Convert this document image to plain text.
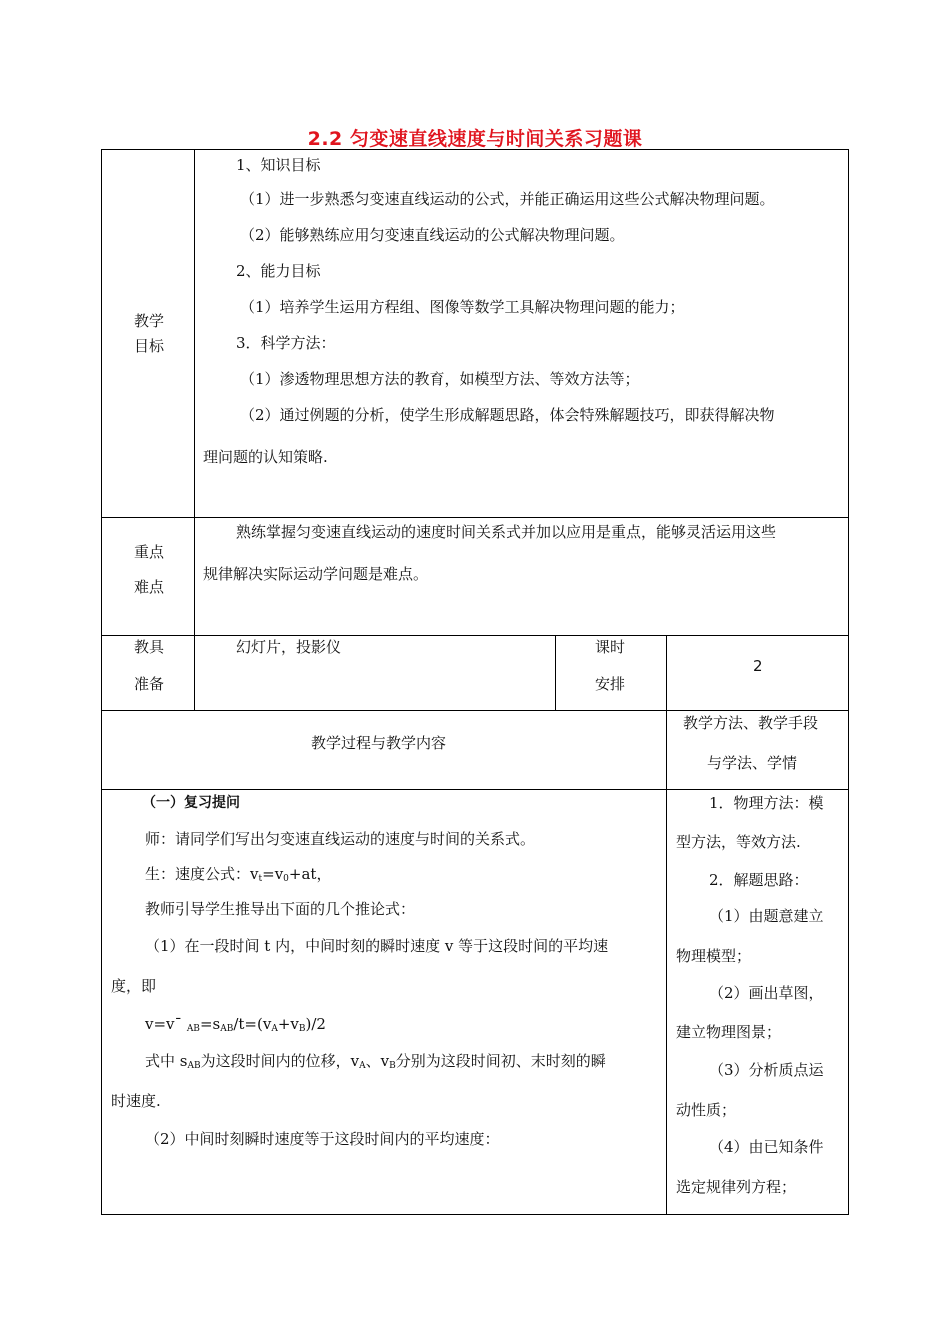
2.2 匀变速直线速度与时间关系习题课
教学
目标
1、知识目标
（1）进一步熟悉匀变速直线运动的公式，并能正确运用这些公式解决物理问题。
（2）能够熟练应用匀变速直线运动的公式解决物理问题。
2、能力目标
（1）培养学生运用方程组、图像等数学工具解决物理问题的能力；
3．科学方法：
（1）渗透物理思想方法的教育，如模型方法、等效方法等；
（2）通过例题的分析，使学生形成解题思路，体会特殊解题技巧，即获得解决物
理问题的认知策略.
重点
难点
熟练掌握匀变速直线运动的速度时间关系式并加以应用是重点，能够灵活运用这些
规律解决实际运动学问题是难点。
教具
准备
幻灯片，投影仪	课时
安排
2
教学过程与教学内容
教学方法、教学手段
与学法、学情
（一）复习提问
师：请同学们写出匀变速直线运动的速度与时间的关系式。
生：速度公式：$v_t=v_0+at$，
教师引导学生推导出下面的几个推论式：
（1）在一段时间 t 内，中间时刻的瞬时速度 v 等于这段时间的平均速
度，即
v=v¯ $_{AB}=s_{AB}/t=(v_A+v_B)/2$
式中 $s_{AB}$为这段时间内的位移，$v_A$、$v_B$分别为这段时间初、末时刻的瞬
时速度.
（2）中间时刻瞬时速度等于这段时间内的平均速度：
1．物理方法：模
型方法，等效方法.
2．解题思路：
（1）由题意建立
物理模型；
（2）画出草图，
建立物理图景；
（3）分析质点运
动性质；
（4）由已知条件
选定规律列方程；
